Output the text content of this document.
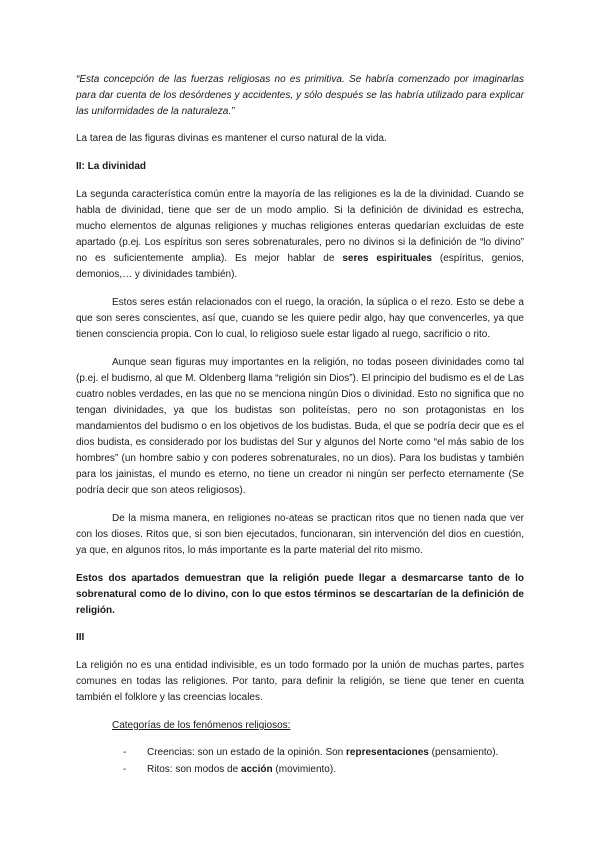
“Esta concepción de las fuerzas religiosas no es primitiva. Se habría comenzado por imaginarlas para dar cuenta de los desórdenes y accidentes, y sólo después se las habría utilizado para explicar las uniformidades de la naturaleza.”

La tarea de las figuras divinas es mantener el curso natural de la vida.

II: La divinidad

La segunda característica común entre la mayoría de las religiones es la de la divinidad. Cuando se habla de divinidad, tiene que ser de un modo amplio. Si la definición de divinidad es estrecha, mucho elementos de algunas religiones y muchas religiones enteras quedarían excluidas de este apartado (p.ej. Los espíritus son seres sobrenaturales, pero no divinos si la definición de “lo divino” no es suficientemente amplia). Es mejor hablar de seres espirituales (espíritus, genios, demonios,… y divinidades también).

Estos seres están relacionados con el ruego, la oración, la súplica o el rezo. Esto se debe a que son seres conscientes, así que, cuando se les quiere pedir algo, hay que convencerles, ya que tienen consciencia propia. Con lo cual, lo religioso suele estar ligado al ruego, sacrificio o rito.

Aunque sean figuras muy importantes en la religión, no todas poseen divinidades como tal (p.ej. el budismo, al que M. Oldenberg llama “religión sin Dios”). El principio del budismo es el de Las cuatro nobles verdades, en las que no se menciona ningún Dios o divinidad. Esto no significa que no tengan divinidades, ya que los budistas son politeístas, pero no son protagonistas en los mandamientos del budismo o en los objetivos de los budistas. Buda, el que se podría decir que es el dios budista, es considerado por los budistas del Sur y algunos del Norte como “el más sabio de los hombres” (un hombre sabio y con poderes sobrenaturales, no un dios). Para los budistas y también para los jainistas, el mundo es eterno, no tiene un creador ni ningún ser perfecto eternamente (Se podría decir que son ateos religiosos).

De la misma manera, en religiones no-ateas se practican ritos que no tienen nada que ver con los dioses. Ritos que, si son bien ejecutados, funcionaran, sin intervención del dios en cuestión, ya que, en algunos ritos, lo más importante es la parte material del rito mismo.

Estos dos apartados demuestran que la religión puede llegar a desmarcarse tanto de lo sobrenatural como de lo divino, con lo que estos términos se descartarían de la definición de religión.

III

La religión no es una entidad indivisible, es un todo formado por la unión de muchas partes, partes comunes en todas las religiones. Por tanto, para definir la religión, se tiene que tener en cuenta también el folklore y las creencias locales.

Categorías de los fenómenos religiosos:

- Creencias: son un estado de la opinión. Son representaciones (pensamiento).
- Ritos: son modos de acción (movimiento).
